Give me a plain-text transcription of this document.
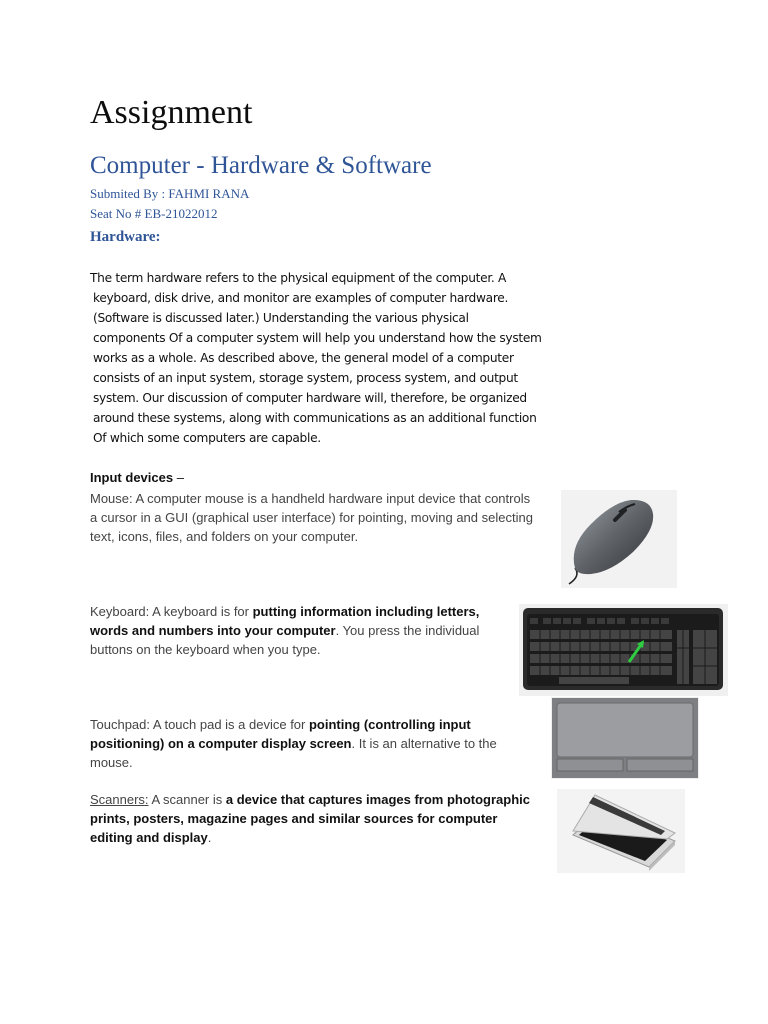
Assignment
Computer - Hardware & Software
Submited By : FAHMI RANA
Seat No # EB-21022012
Hardware:
The term hardware refers to the physical equipment of the computer. A
keyboard, disk drive, and monitor are examples of computer hardware.
(Software is discussed later.) Understanding the various physical
components Of a computer system will help you understand how the system
works as a whole. As described above, the general model of a computer
consists of an input system, storage system, process system, and output
system. Our discussion of computer hardware will, therefore, be organized
around these systems, along with communications as an additional function
Of which some computers are capable.
Input devices –
Mouse: A computer mouse is a handheld hardware input device that controls a cursor in a GUI (graphical user interface) for pointing, moving and selecting text, icons, files, and folders on your computer.
Keyboard: A keyboard is for putting information including letters, words and numbers into your computer. You press the individual buttons on the keyboard when you type.
Touchpad: A touch pad is a device for pointing (controlling input positioning) on a computer display screen. It is an alternative to the mouse.
Scanners: A scanner is a device that captures images from photographic prints, posters, magazine pages and similar sources for computer editing and display.
